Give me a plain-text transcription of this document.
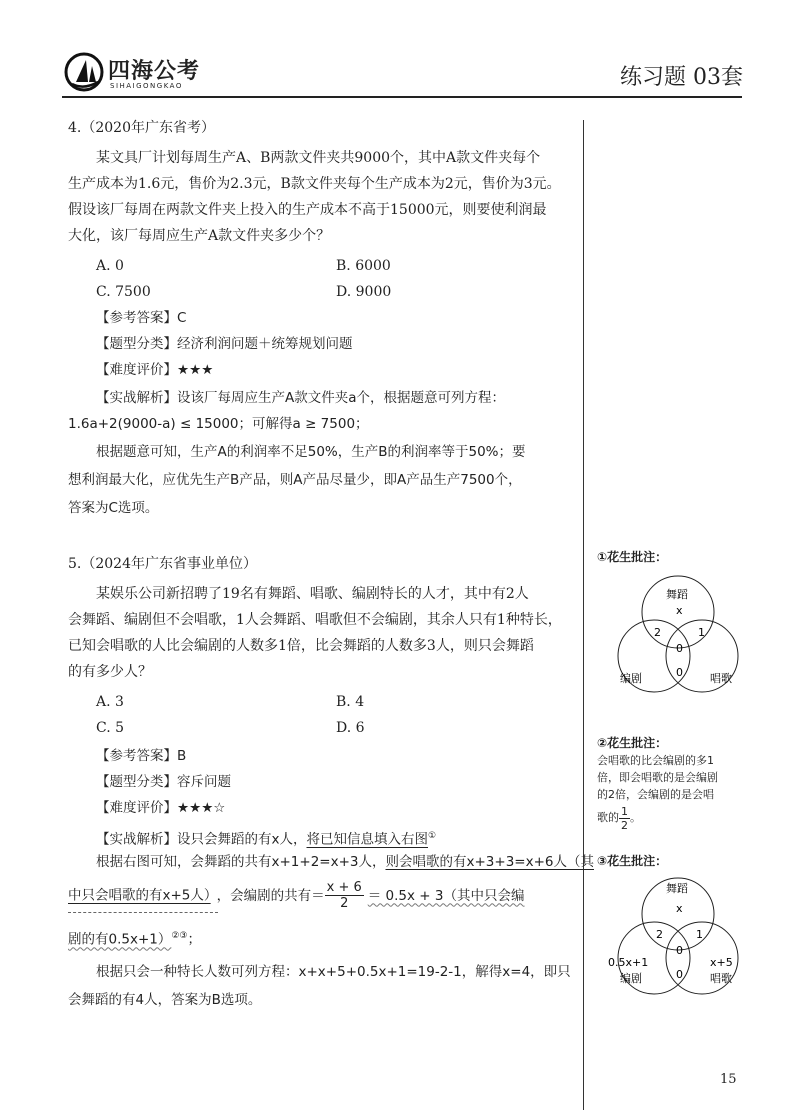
四海公考
SIHAIGONGKAO	练习题 03套
4.（2020年广东省考）
某文具厂计划每周生产A、B两款文件夹共9000个，其中A款文件夹每个
生产成本为1.6元，售价为2.3元，B款文件夹每个生产成本为2元，售价为3元。
假设该厂每周在两款文件夹上投入的生产成本不高于15000元，则要使利润最
大化，该厂每周应生产A款文件夹多少个？
A. 0	B. 6000
C. 7500	D. 9000
【参考答案】C
【题型分类】经济利润问题＋统筹规划问题
【难度评价】★★★
【实战解析】设该厂每周应生产A款文件夹a个，根据题意可列方程：
1.6a+2(9000-a) ≤ 15000；可解得a ≥ 7500；
根据题意可知，生产A的利润率不足50%，生产B的利润率等于50%；要
想利润最大化，应优先生产B产品，则A产品尽量少，即A产品生产7500个，
答案为C选项。
5.（2024年广东省事业单位）
某娱乐公司新招聘了19名有舞蹈、唱歌、编剧特长的人才，其中有2人
会舞蹈、编剧但不会唱歌，1人会舞蹈、唱歌但不会编剧，其余人只有1种特长，
已知会唱歌的人比会编剧的人数多1倍，比会舞蹈的人数多3人，则只会舞蹈
的有多少人？
A. 3	B. 4
C. 5	D. 6
【参考答案】B
【题型分类】容斥问题
【难度评价】★★★☆
【实战解析】设只会舞蹈的有x人，将已知信息填入右图①
根据右图可知，会舞蹈的共有x+1+2=x+3人，则会唱歌的有x+3+3=x+6人（其
中只会唱歌的有x+5人） ，会编剧的共有＝ $\frac{x + 6}{2} = 0.5x + 3$（其中只会编
剧的有0.5x+1）②③；
根据只会一种特长人数可列方程：x+x+5+0.5x+1=19-2-1，解得x=4，即只
会舞蹈的有4人，答案为B选项。
①花生批注：
舞蹈
x
2	1
0
0
编剧	唱歌
②花生批注：
会唱歌的比会编剧的多1
倍，即会唱歌的是会编剧
的2倍，会编剧的是会唱
歌的 $\frac{1}{2}$ 。
③花生批注：
舞蹈
x
2	1
0
0
0.5x+1
编剧
x+5
唱歌
15
